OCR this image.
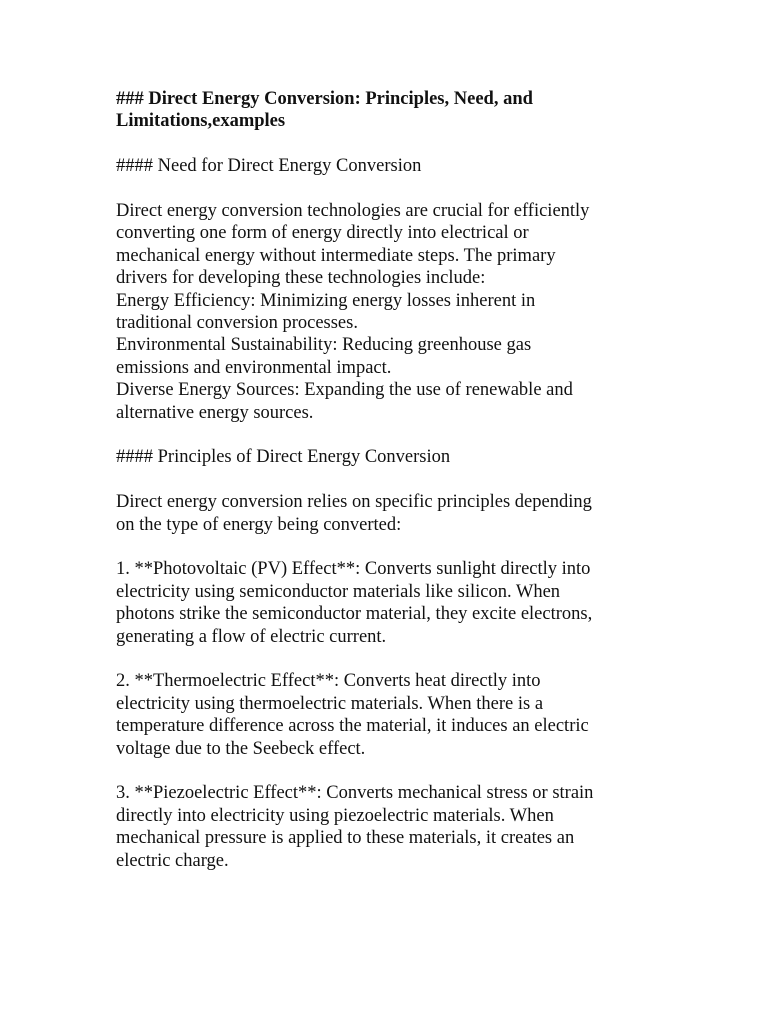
### Direct Energy Conversion: Principles, Need, and
Limitations,examples

#### Need for Direct Energy Conversion

Direct energy conversion technologies are crucial for efficiently
converting one form of energy directly into electrical or
mechanical energy without intermediate steps. The primary
drivers for developing these technologies include:
Energy Efficiency: Minimizing energy losses inherent in
traditional conversion processes.
Environmental Sustainability: Reducing greenhouse gas
emissions and environmental impact.
Diverse Energy Sources: Expanding the use of renewable and
alternative energy sources.

#### Principles of Direct Energy Conversion

Direct energy conversion relies on specific principles depending
on the type of energy being converted:

1. **Photovoltaic (PV) Effect**: Converts sunlight directly into
electricity using semiconductor materials like silicon. When
photons strike the semiconductor material, they excite electrons,
generating a flow of electric current.

2. **Thermoelectric Effect**: Converts heat directly into
electricity using thermoelectric materials. When there is a
temperature difference across the material, it induces an electric
voltage due to the Seebeck effect.

3. **Piezoelectric Effect**: Converts mechanical stress or strain
directly into electricity using piezoelectric materials. When
mechanical pressure is applied to these materials, it creates an
electric charge.
